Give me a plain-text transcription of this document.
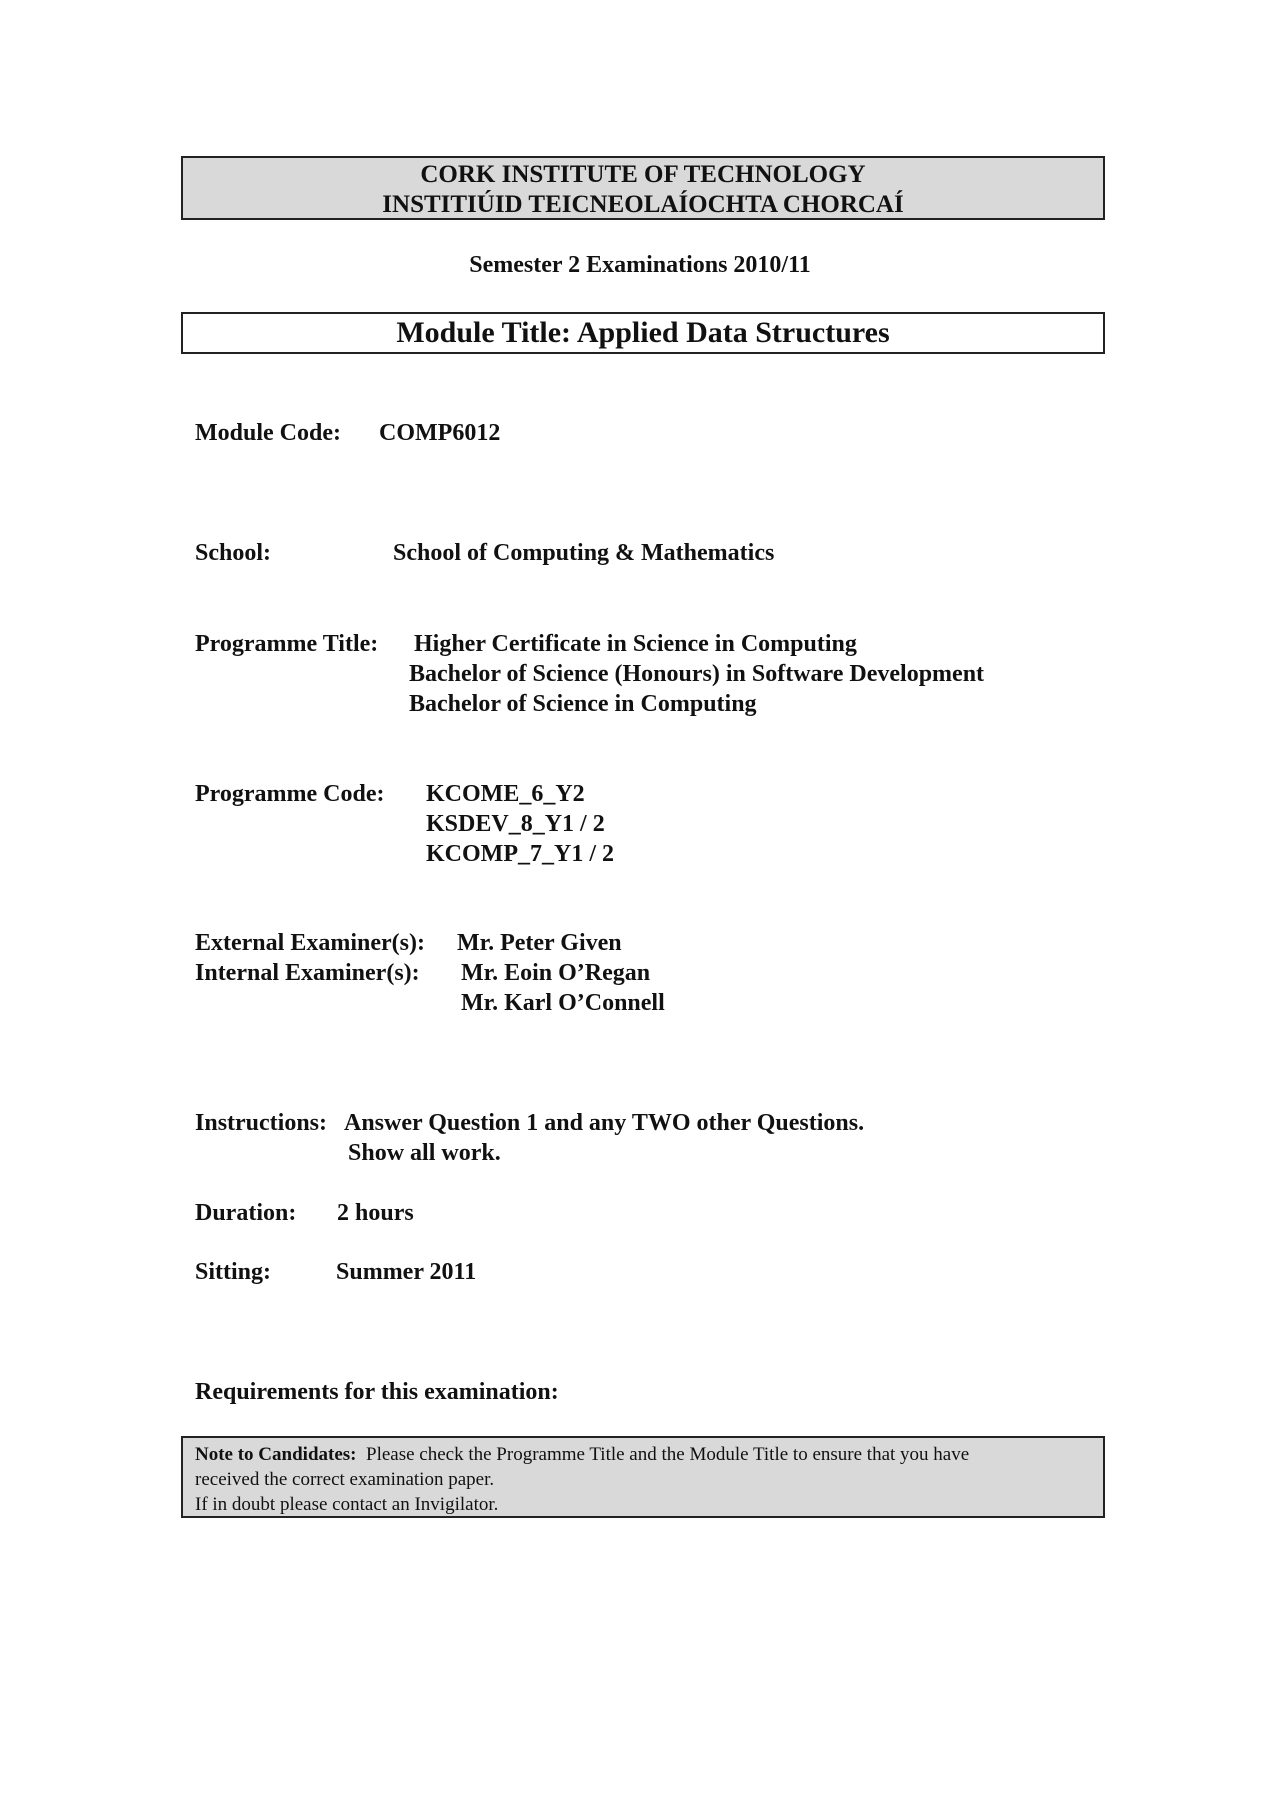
CORK INSTITUTE OF TECHNOLOGY
INSTITIÚID TEICNEOLAÍOCHTA CHORCAÍ
Semester 2 Examinations 2010/11
Module Title: Applied Data Structures
Module Code: COMP6012
School:	School of Computing & Mathematics
Programme Title: Higher Certificate in Science in Computing
Bachelor of Science (Honours) in Software Development
Bachelor of Science in Computing
Programme Code: KCOME_6_Y2
KSDEV_8_Y1 / 2
KCOMP_7_Y1 / 2
External Examiner(s): Mr. Peter Given
Internal Examiner(s): Mr. Eoin O’Regan
Mr. Karl O’Connell
Instructions: Answer Question 1 and any TWO other Questions.
Show all work.
Duration: 2 hours
Sitting:	Summer 2011
Requirements for this examination:
Note to Candidates: Please check the Programme Title and the Module Title to ensure that you have
received the correct examination paper.
If in doubt please contact an Invigilator.
